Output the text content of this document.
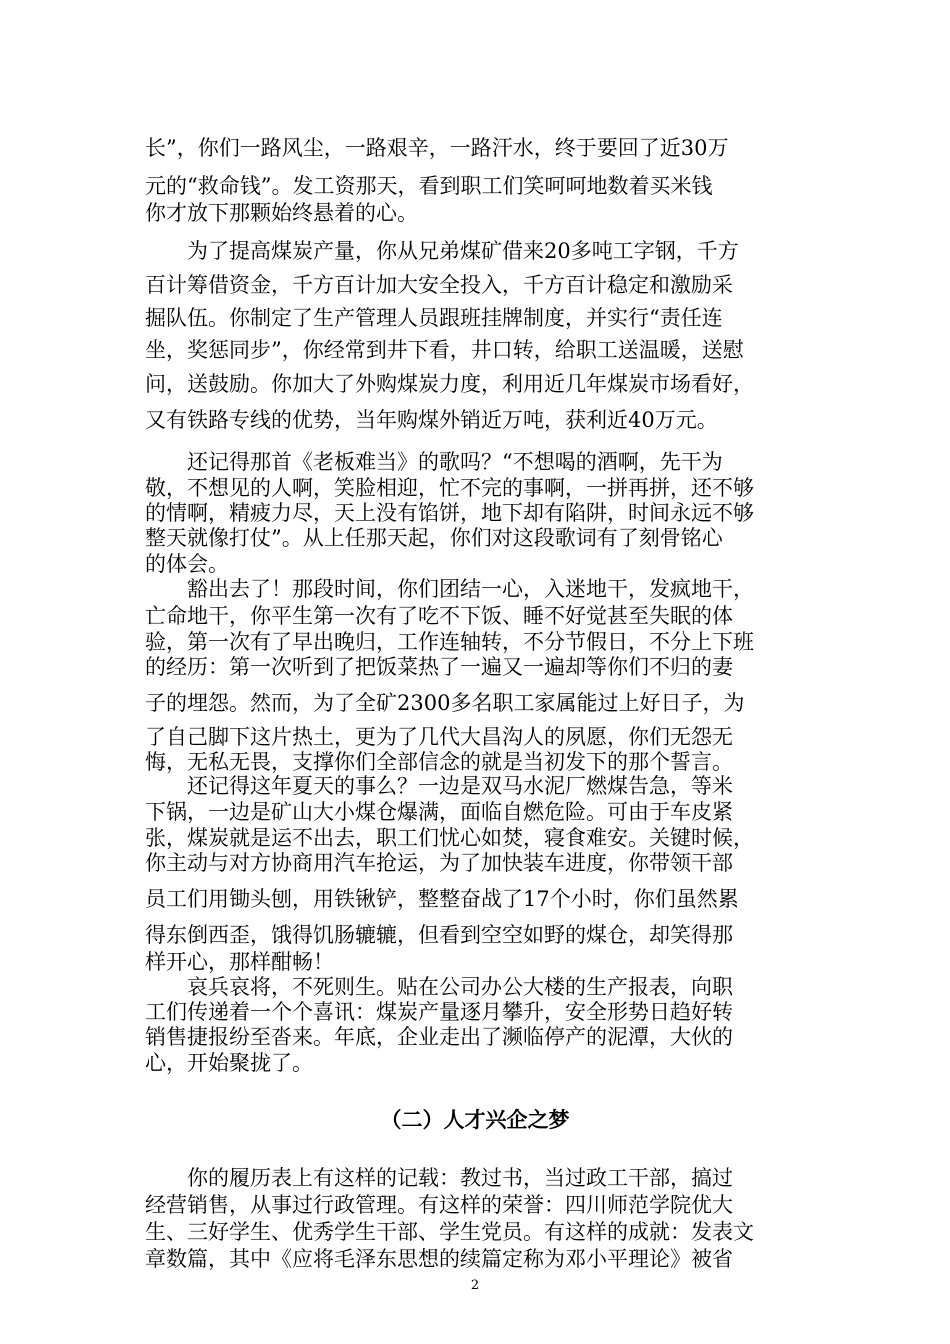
长”，你们一路风尘，一路艰辛，一路汗水，终于要回了近30万
元的“救命钱”。发工资那天，看到职工们笑呵呵地数着买米钱
你才放下那颗始终悬着的心。
为了提高煤炭产量，你从兄弟煤矿借来20多吨工字钢，千方
百计筹借资金，千方百计加大安全投入，千方百计稳定和激励采
掘队伍。你制定了生产管理人员跟班挂牌制度，并实行“责任连
坐，奖惩同步”，你经常到井下看，井口转，给职工送温暖，送慰
问，送鼓励。你加大了外购煤炭力度，利用近几年煤炭市场看好，
又有铁路专线的优势，当年购煤外销近万吨，获利近40万元。
还记得那首《老板难当》的歌吗？“不想喝的酒啊，先干为
敬，不想见的人啊，笑脸相迎，忙不完的事啊，一拼再拼，还不够
的情啊，精疲力尽，天上没有馅饼，地下却有陷阱，时间永远不够
整天就像打仗”。从上任那天起，你们对这段歌词有了刻骨铭心
的体会。
豁出去了！那段时间，你们团结一心，入迷地干，发疯地干，
亡命地干，你平生第一次有了吃不下饭、睡不好觉甚至失眠的体
验，第一次有了早出晚归，工作连轴转，不分节假日，不分上下班
的经历：第一次听到了把饭菜热了一遍又一遍却等你们不归的妻
子的埋怨。然而，为了全矿2300多名职工家属能过上好日子，为
了自己脚下这片热土，更为了几代大昌沟人的夙愿，你们无怨无
悔，无私无畏，支撑你们全部信念的就是当初发下的那个誓言。
还记得这年夏天的事么？一边是双马水泥厂燃煤告急，等米
下锅，一边是矿山大小煤仓爆满，面临自燃危险。可由于车皮紧
张，煤炭就是运不出去，职工们忧心如焚，寝食难安。关键时候，
你主动与对方协商用汽车抢运，为了加快装车进度，你带领干部
员工们用锄头刨，用铁锹铲，整整奋战了17个小时，你们虽然累
得东倒西歪，饿得饥肠辘辘，但看到空空如野的煤仓，却笑得那
样开心，那样酣畅！
哀兵哀将，不死则生。贴在公司办公大楼的生产报表，向职
工们传递着一个个喜讯：煤炭产量逐月攀升，安全形势日趋好转
销售捷报纷至沓来。年底，企业走出了濒临停产的泥潭，大伙的
心，开始聚拢了。
（二）人才兴企之梦
你的履历表上有这样的记载：教过书，当过政工干部，搞过
经营销售，从事过行政管理。有这样的荣誉：四川师范学院优大
生、三好学生、优秀学生干部、学生党员。有这样的成就：发表文
章数篇，其中《应将毛泽东思想的续篇定称为邓小平理论》被省
2
